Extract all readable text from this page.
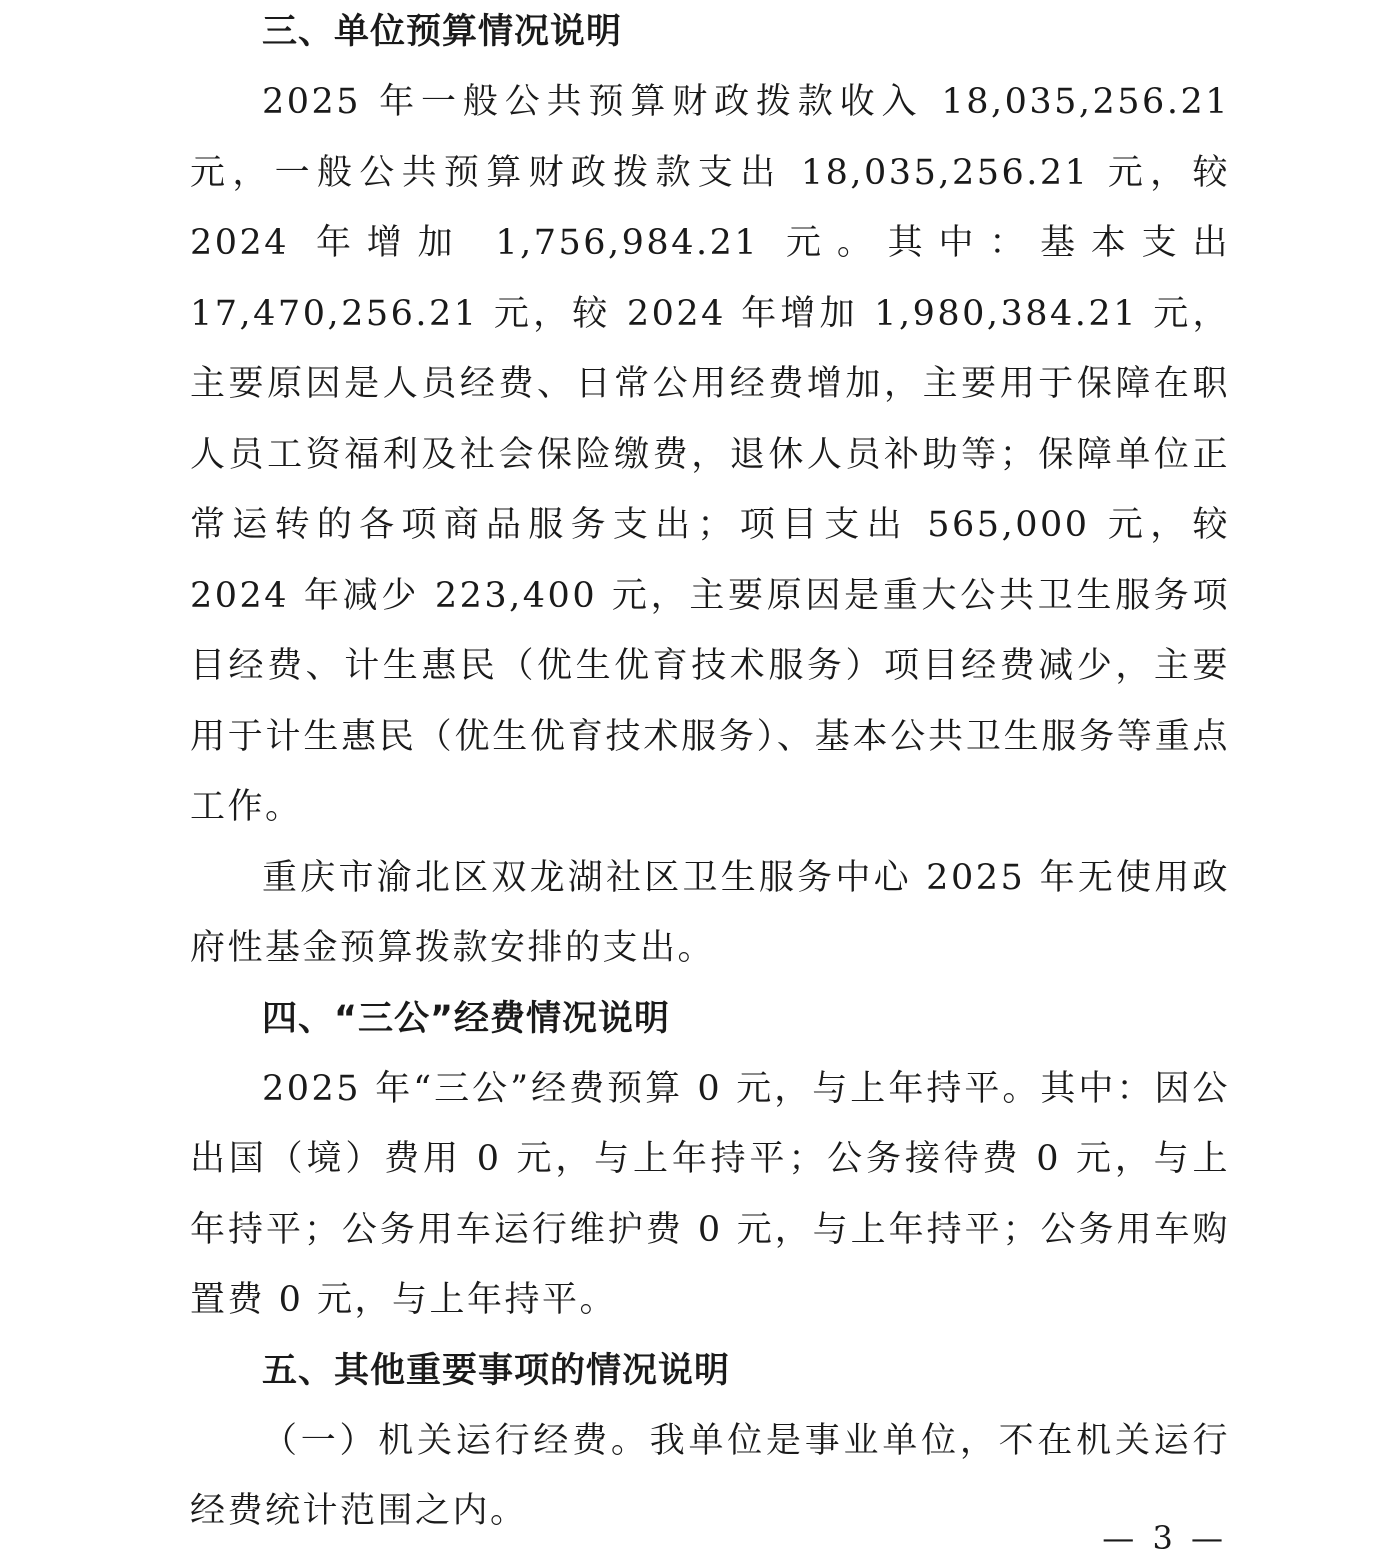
三、单位预算情况说明

2025 年一般公共预算财政拨款收入 18,035,256.21 元，一般公共预算财政拨款支出 18,035,256.21 元，较 2024 年增加 1,756,984.21 元。其中：基本支出 17,470,256.21 元，较 2024 年增加 1,980,384.21 元，主要原因是人员经费、日常公用经费增加，主要用于保障在职人员工资福利及社会保险缴费，退休人员补助等；保障单位正常运转的各项商品服务支出；项目支出 565,000 元，较 2024 年减少 223,400 元，主要原因是重大公共卫生服务项目经费、计生惠民（优生优育技术服务）项目经费减少，主要用于计生惠民（优生优育技术服务）、基本公共卫生服务等重点工作。

重庆市渝北区双龙湖社区卫生服务中心 2025 年无使用政府性基金预算拨款安排的支出。

四、“三公”经费情况说明

2025 年“三公”经费预算 0 元，与上年持平。其中：因公出国（境）费用 0 元，与上年持平；公务接待费 0 元，与上年持平；公务用车运行维护费 0 元，与上年持平；公务用车购置费 0 元，与上年持平。

五、其他重要事项的情况说明

（一）机关运行经费。我单位是事业单位，不在机关运行经费统计范围之内。

— 3 —
